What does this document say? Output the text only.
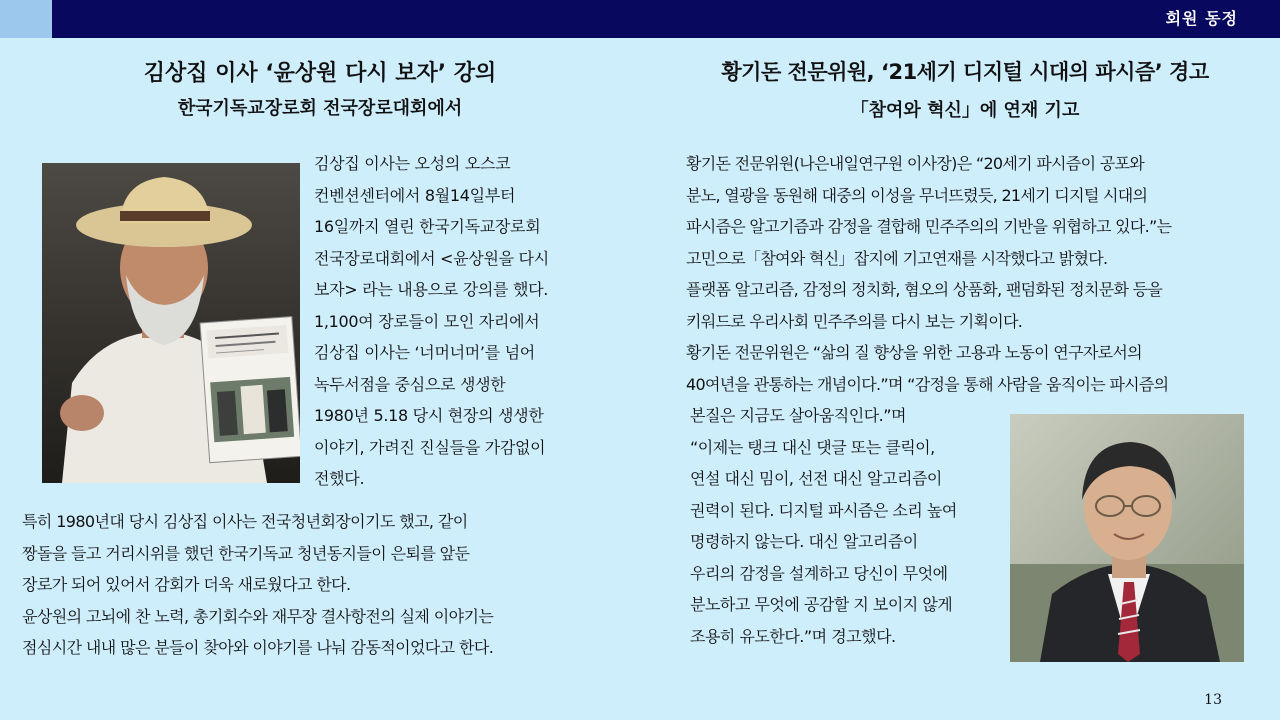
회원 동정
김상집 이사 ‘윤상원 다시 보자’ 강의
한국기독교장로회 전국장로대회에서
김상집 이사는 오성의 오스코
컨벤션센터에서 8월14일부터
16일까지 열린 한국기독교장로회
전국장로대회에서 <윤상원을 다시
보자> 라는 내용으로 강의를 했다.
1,100여 장로들이 모인 자리에서
김상집 이사는 ‘너머너머’를 넘어
녹두서점을 중심으로 생생한
1980년 5.18 당시 현장의 생생한
이야기, 가려진 진실들을 가감없이
전했다.
특히 1980년대 당시 김상집 이사는 전국청년회장이기도 했고, 같이
짱돌을 들고 거리시위를 했던 한국기독교 청년동지들이 은퇴를 앞둔
장로가 되어 있어서 감회가 더욱 새로웠다고 한다.
윤상원의 고뇌에 찬 노력, 총기회수와 재무장 결사항전의 실제 이야기는
점심시간 내내 많은 분들이 찾아와 이야기를 나눠 감동적이었다고 한다.
황기돈 전문위원, ‘21세기 디지털 시대의 파시즘’ 경고
「참여와 혁신」에 연재 기고
황기돈 전문위원(나은내일연구원 이사장)은 “20세기 파시즘이 공포와
분노, 열광을 동원해 대중의 이성을 무너뜨렸듯, 21세기 디지털 시대의
파시즘은 알고기즘과 감정을 결합해 민주주의의 기반을 위협하고 있다.”는
고민으로「참여와 혁신」잡지에 기고연재를 시작했다고 밝혔다.
플랫폼 알고리즘, 감정의 정치화, 혐오의 상품화, 팬덤화된 정치문화 등을
키워드로 우리사회 민주주의를 다시 보는 기획이다.
황기돈 전문위원은 “삶의 질 향상을 위한 고용과 노동이 연구자로서의
40여년을 관통하는 개념이다.”며 “감정을 통해 사람을 움직이는 파시즘의
본질은 지금도 살아움직인다.”며
“이제는 탱크 대신 댓글 또는 클릭이,
연설 대신 밈이, 선전 대신 알고리즘이
권력이 된다. 디지털 파시즘은 소리 높여
명령하지 않는다. 대신 알고리즘이
우리의 감정을 설계하고 당신이 무엇에
분노하고 무엇에 공감할 지 보이지 않게
조용히 유도한다.”며 경고했다.
13
